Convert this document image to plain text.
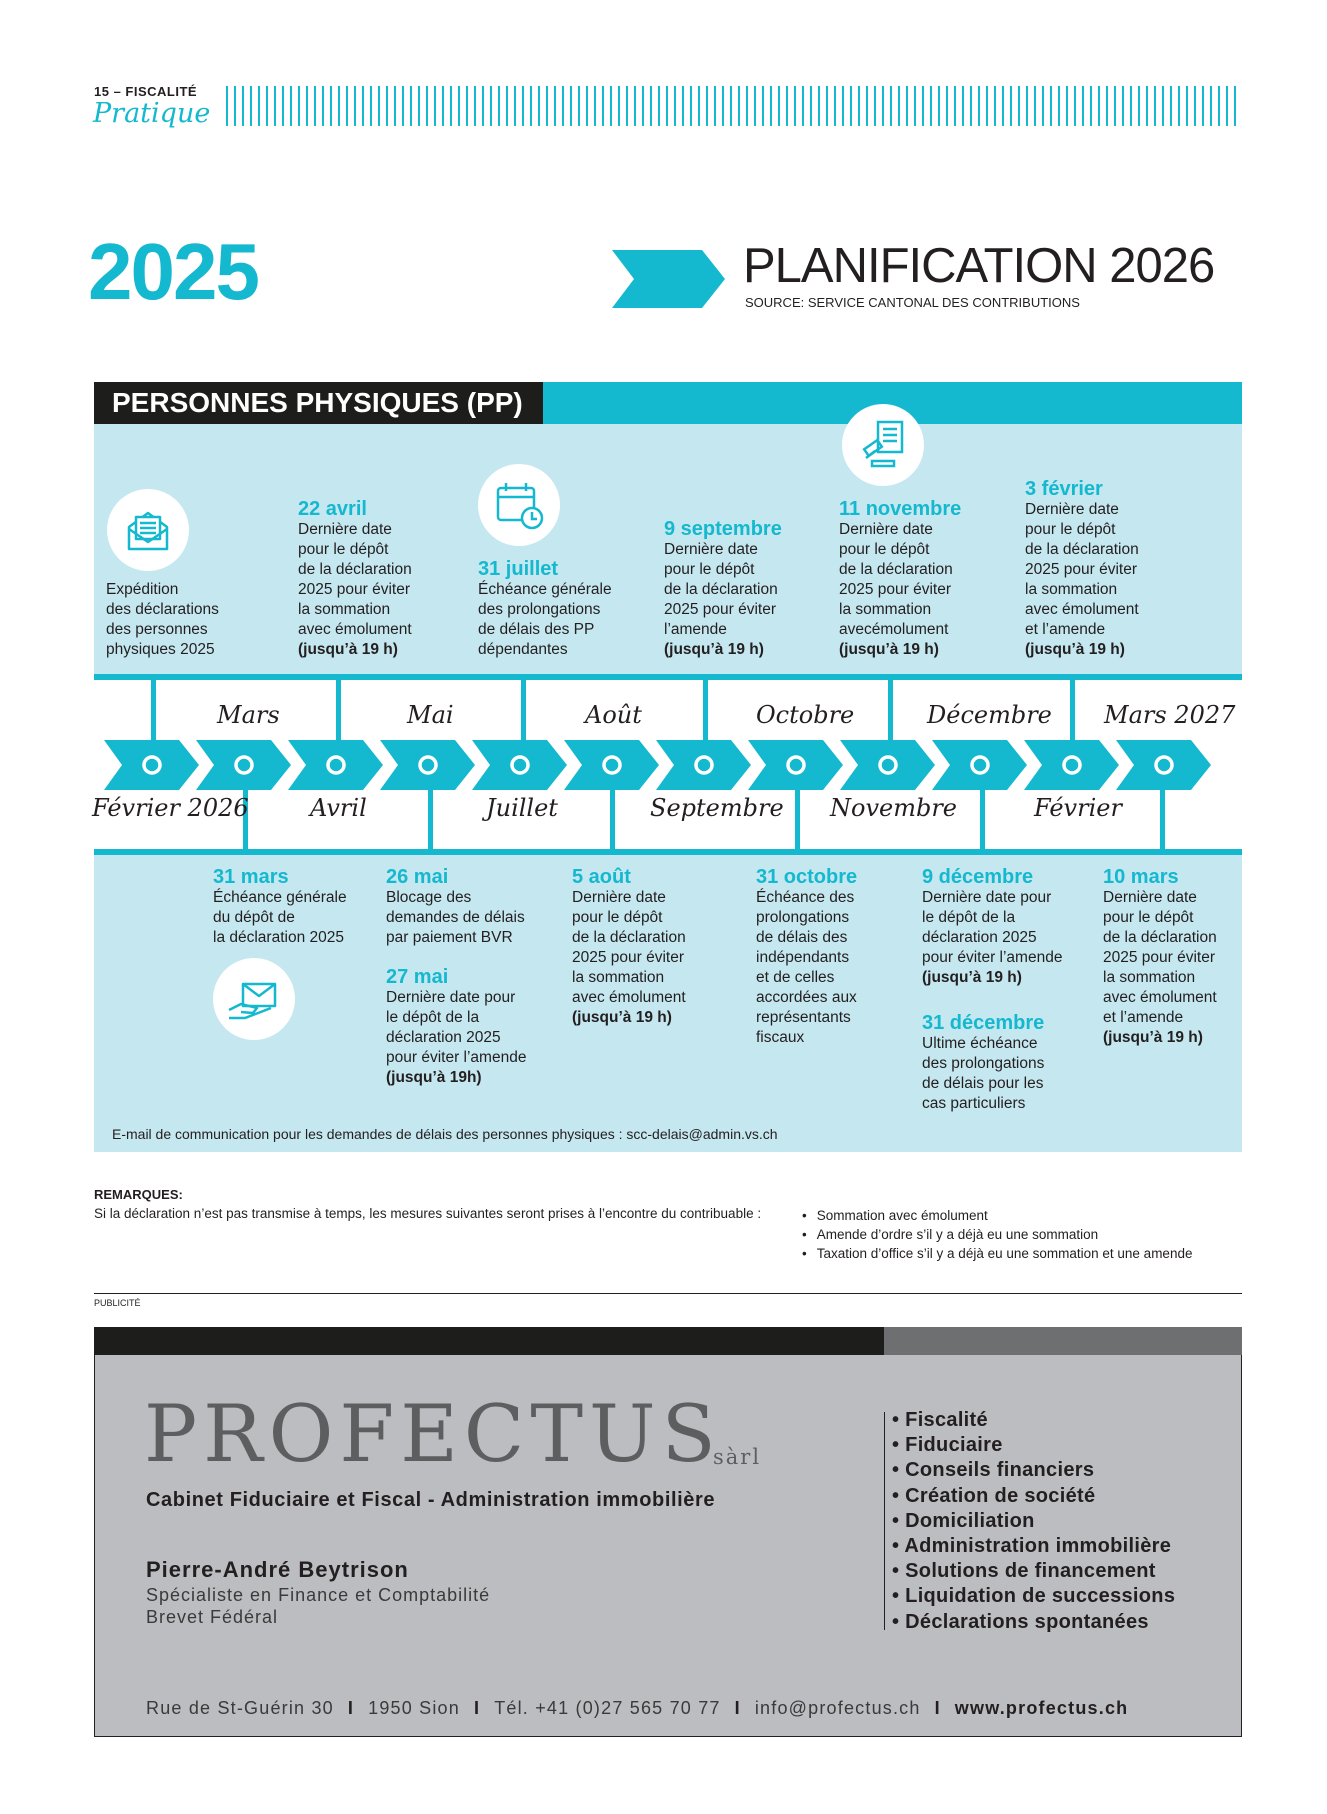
15 – FISCALITÉ
Pratique
2025	PLANIFICATION 2026
SOURCE: SERVICE CANTONAL DES CONTRIBUTIONS
PERSONNES PHYSIQUES (PP)
Expédition
des déclarations
des personnes
physiques 2025
22 avril
Dernière date
pour le dépôt
de la déclaration
2025 pour éviter
la sommation
avec émolument
(jusqu’à 19 h)
31 juillet
Échéance générale
des prolongations
de délais des PP
dépendantes
9 septembre
Dernière date
pour le dépôt
de la déclaration
2025 pour éviter
l’amende
(jusqu’à 19 h)
11 novembre
Dernière date
pour le dépôt
de la déclaration
2025 pour éviter
la sommation
avecémolument
(jusqu’à 19 h)
3 février
Dernière date
pour le dépôt
de la déclaration
2025 pour éviter
la sommation
avec émolument
et l’amende
(jusqu’à 19 h)
Mars	Mai	Août	Octobre	Décembre Mars 2027
Février 2026	Avril	Juillet	Septembre Novembre	Février
31 mars
Échéance générale
du dépôt de
la déclaration 2025
26 mai
Blocage des
demandes de délais
par paiement BVR
27 mai
Dernière date pour
le dépôt de la
déclaration 2025
pour éviter l’amende
(jusqu’à 19h)
5 août
Dernière date
pour le dépôt
de la déclaration
2025 pour éviter
la sommation
avec émolument
(jusqu’à 19 h)
31 octobre
Échéance des
prolongations
de délais des
indépendants
et de celles
accordées aux
représentants
fiscaux
9 décembre
Dernière date pour
le dépôt de la
déclaration 2025
pour éviter l’amende
(jusqu’à 19 h)
31 décembre
Ultime échéance
des prolongations
de délais pour les
cas particuliers
10 mars
Dernière date
pour le dépôt
de la déclaration
2025 pour éviter
la sommation
avec émolument
et l’amende
(jusqu’à 19 h)
E-mail de communication pour les demandes de délais des personnes physiques : scc-delais@admin.vs.ch
REMARQUES:
Si la déclaration n’est pas transmise à temps, les mesures suivantes seront prises à l’encontre du contribuable :
•	Sommation avec émolument
• Amende d’ordre s’il y a déjà eu une sommation
• Taxation d’office s’il y a déjà eu une sommation et une amende
PUBLICITÉ
PROFECTUS
sàrl
Cabinet Fiduciaire et Fiscal - Administration immobilière
Pierre-André Beytrison
Spécialiste en Finance et Comptabilité
Brevet Fédéral
• Fiscalité
• Fiduciaire
• Conseils financiers
• Création de société
• Domiciliation
• Administration immobilière
• Solutions de financement
• Liquidation de successions
• Déclarations spontanées
Rue de St-Guérin 30 I 1950 Sion I Tél. +41 (0)27 565 70 77 I info@profectus.ch I www.profectus.ch
